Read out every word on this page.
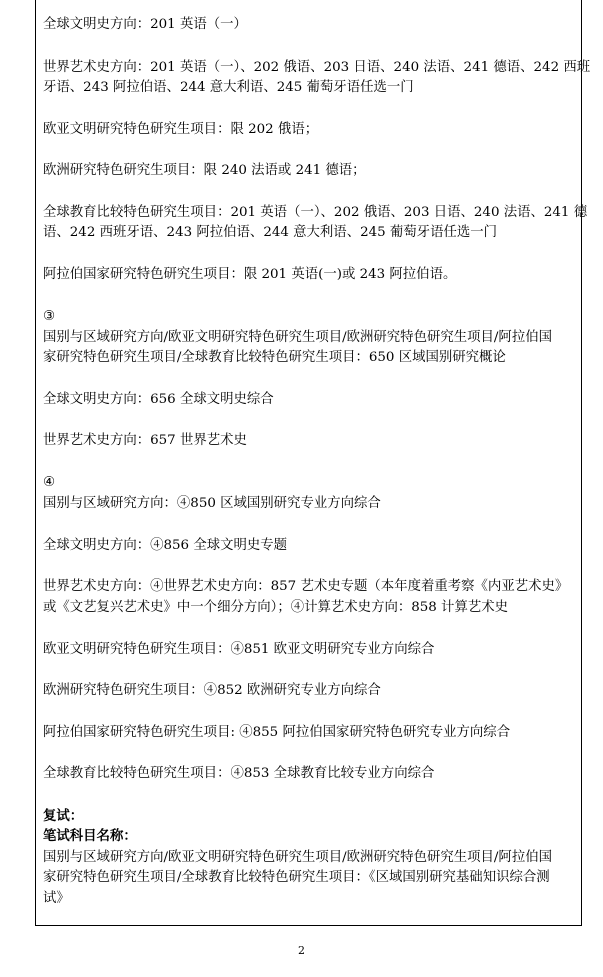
全球文明史方向：201 英语（一）
世界艺术史方向：201 英语（一）、202 俄语、203 日语、240 法语、241 德语、242 西班
牙语、243 阿拉伯语、244 意大利语、245 葡萄牙语任选一门
欧亚文明研究特色研究生项目：限 202 俄语；
欧洲研究特色研究生项目：限 240 法语或 241 德语；
全球教育比较特色研究生项目：201 英语（一）、202 俄语、203 日语、240 法语、241 德
语、242 西班牙语、243 阿拉伯语、244 意大利语、245 葡萄牙语任选一门
阿拉伯国家研究特色研究生项目：限 201 英语(一)或 243 阿拉伯语。
③
国别与区域研究方向/欧亚文明研究特色研究生项目/欧洲研究特色研究生项目/阿拉伯国
家研究特色研究生项目/全球教育比较特色研究生项目：650 区域国别研究概论
全球文明史方向：656 全球文明史综合
世界艺术史方向：657 世界艺术史
④
国别与区域研究方向：④850 区域国别研究专业方向综合
全球文明史方向：④856 全球文明史专题
世界艺术史方向：④世界艺术史方向：857 艺术史专题（本年度着重考察《内亚艺术史》
或《文艺复兴艺术史》中一个细分方向）；④计算艺术史方向：858 计算艺术史
欧亚文明研究特色研究生项目：④851 欧亚文明研究专业方向综合
欧洲研究特色研究生项目：④852 欧洲研究专业方向综合
阿拉伯国家研究特色研究生项目: ④855 阿拉伯国家研究特色研究专业方向综合
全球教育比较特色研究生项目：④853 全球教育比较专业方向综合
复试：
笔试科目名称：
国别与区域研究方向/欧亚文明研究特色研究生项目/欧洲研究特色研究生项目/阿拉伯国
家研究特色研究生项目/全球教育比较特色研究生项目：《区域国别研究基础知识综合测
试》
2
